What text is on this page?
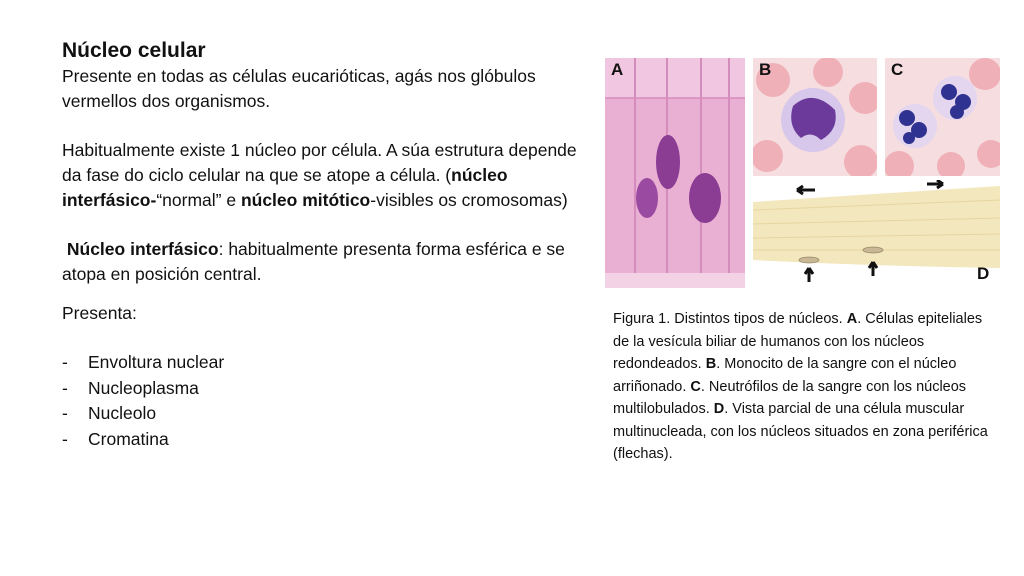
Núcleo celular

Presente en todas as células eucarióticas, agás nos glóbulos vermellos dos organismos.

Habitualmente existe 1 núcleo por célula. A súa estrutura depende da fase do ciclo celular na que se atope a célula. (núcleo interfásico-“normal” e núcleo mitótico-visibles os cromosomas)

Núcleo interfásico: habitualmente presenta forma esférica e se atopa en posición central.

Presenta:

- Envoltura nuclear
- Nucleoplasma
- Nucleolo
- Cromatina
A	B	C
D
Figura 1. Distintos tipos de núcleos. A. Células epiteliales de la vesícula biliar de humanos con los núcleos redondeados. B. Monocito de la sangre con el núcleo arriñonado. C. Neutrófilos de la sangre con los núcleos multilobulados. D. Vista parcial de una célula muscular multinucleada, con los núcleos situados en zona periférica (flechas).
